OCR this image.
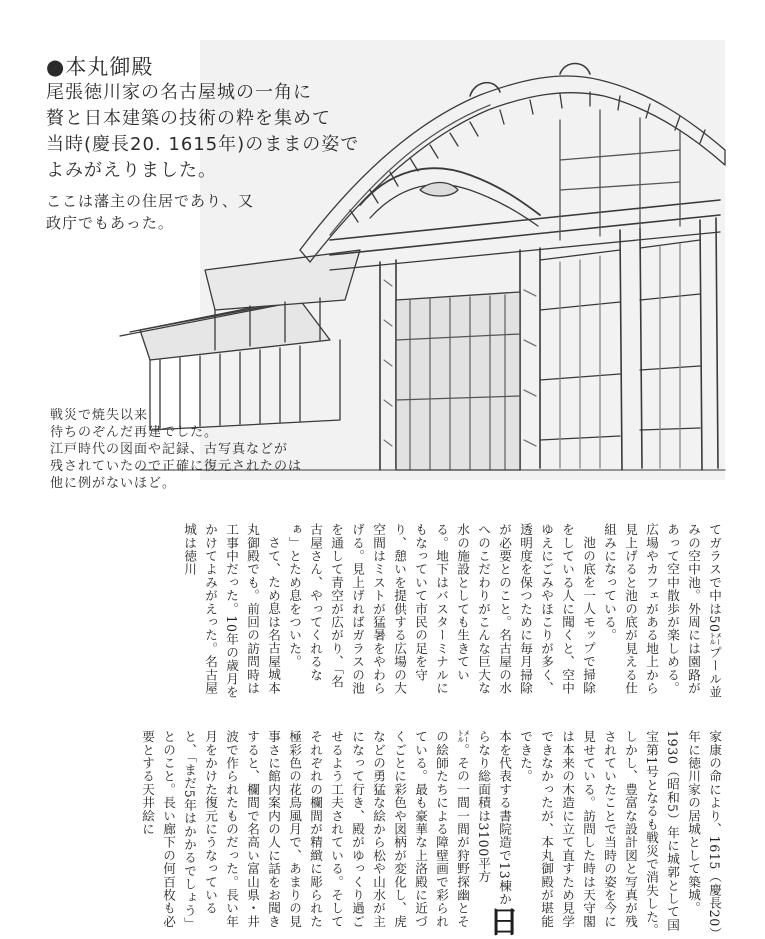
●本丸御殿
尾張徳川家の名古屋城の一角に
贅と日本建築の技術の粋を集めて
当時(慶長20. 1615年)のままの姿で
よみがえりました。
ここは藩主の住居であり、又
政庁でもあった。
戦災で焼失以来
待ちのぞんだ再建でした。
江戸時代の図面や記録、古写真などが
残されていたので正確に復元されたのは
他に例がないほど。

てガラスで中は50㍍プール並みの空中池。外周には園路があって空中散歩が楽しめる。広場やカフェがある地上から見上げると池の底が見える仕組みになっている。

池の底を一人モップで掃除をしている人に聞くと、空中ゆえにごみやほこりが多く、透明度を保つために毎月掃除が必要とのこと。名古屋の水へのこだわりがこんな巨大な水の施設としても生きている。地下はバスターミナルにもなっていて市民の足を守り、憩いを提供する広場の大空間はミストが猛暑をやわらげる。見上げればガラスの池を通して青空が広がり、「名古屋さん、やってくれるなぁ」とため息をついた。

さて、ため息は名古屋城本丸御殿でも。前回の訪問時は工事中だった。10年の歳月をかけてよみがえった。名古屋城は徳川

家康の命により、1615（慶長20）年に徳川家の居城として築城。1930（昭和5）年に城郭として国宝第1号となるも戦災で消失した。しかし、豊富な設計図と写真が残されていたことで当時の姿を今に見せている。訪問した時は天守閣は本来の木造に立て直すため見学できなかったが、本丸御殿が堪能できた。

日
本を代表する書院造で13棟からなり総面積は3100平方㍍。その一間一間が狩野探幽とその絵師たちによる障壁画で彩られている。最も豪華な上洛殿に近づくごとに彩色や図柄が変化し、虎などの勇猛な絵から松や山水が主になって行き、殿がゆっくり過ごせるよう工夫されている。そしてそれぞれの欄間が精緻に彫られた極彩色の花鳥風月で、あまりの見事さに館内案内の人に話をお聞きすると、欄間で名高い富山県・井波で作られたものだった。長い年月をかけた復元にうなっていると、「まだ5年はかかるでしょう」とのこと。長い廊下の何百枚も必要とする天井絵に
